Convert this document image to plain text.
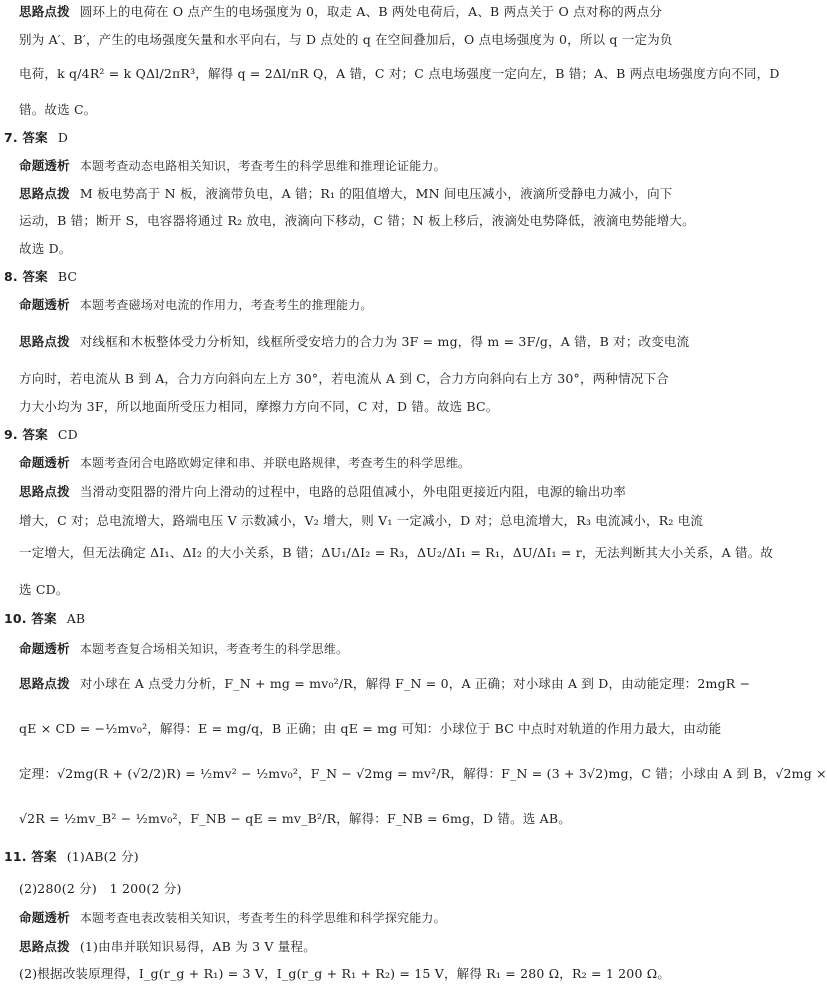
思路点拨 圆环上的电荷在 O 点产生的电场强度为 0，取走 A、B 两处电荷后，A、B 两点关于 O 点对称的两点分
别为 A′、B′，产生的电场强度矢量和水平向右，与 D 点处的 q 在空间叠加后，O 点电场强度为 0，所以 q 一定为负
电荷，k q/4R² = k QΔl/2πR³，解得 q = 2Δl/πR Q，A 错，C 对；C 点电场强度一定向左，B 错；A、B 两点电场强度方向不同，D
错。故选 C。
7. 答案 D
命题透析 本题考查动态电路相关知识，考查考生的科学思维和推理论证能力。
思路点拨 M 板电势高于 N 板，液滴带负电，A 错；R₁ 的阻值增大，MN 间电压减小，液滴所受静电力减小，向下
运动，B 错；断开 S，电容器将通过 R₂ 放电，液滴向下移动，C 错；N 板上移后，液滴处电势降低，液滴电势能增大。
故选 D。
8. 答案 BC
命题透析 本题考查磁场对电流的作用力，考查考生的推理能力。
思路点拨 对线框和木板整体受力分析知，线框所受安培力的合力为 3F = mg，得 m = 3F/g，A 错，B 对；改变电流
方向时，若电流从 B 到 A，合力方向斜向左上方 30°，若电流从 A 到 C，合力方向斜向右上方 30°，两种情况下合
力大小均为 3F，所以地面所受压力相同，摩擦力方向不同，C 对，D 错。故选 BC。
9. 答案 CD
命题透析 本题考查闭合电路欧姆定律和串、并联电路规律，考查考生的科学思维。
思路点拨 当滑动变阻器的滑片向上滑动的过程中，电路的总阻值减小，外电阻更接近内阻，电源的输出功率
增大，C 对；总电流增大，路端电压 V 示数减小，V₂ 增大，则 V₁ 一定减小，D 对；总电流增大，R₃ 电流减小，R₂ 电流
一定增大，但无法确定 ΔI₁、ΔI₂ 的大小关系，B 错；ΔU₁/ΔI₂ = R₃，ΔU₂/ΔI₁ = R₁，ΔU/ΔI₁ = r，无法判断其大小关系，A 错。故
选 CD。
10. 答案 AB
命题透析 本题考查复合场相关知识，考查考生的科学思维。
思路点拨 对小球在 A 点受力分析，F_N + mg = mv₀²/R，解得 F_N = 0，A 正确；对小球由 A 到 D，由动能定理：2mgR −
qE × CD = −½mv₀²，解得：E = mg/q，B 正确；由 qE = mg 可知：小球位于 BC 中点时对轨道的作用力最大，由动能
定理：√2mg(R + (√2/2)R) = ½mv² − ½mv₀²，F_N − √2mg = mv²/R，解得：F_N = (3 + 3√2)mg，C 错；小球由 A 到 B，√2mg ×
√2R = ½mv_B² − ½mv₀²，F_NB − qE = mv_B²/R，解得：F_NB = 6mg，D 错。选 AB。
11. 答案 (1)AB(2 分)
(2)280(2 分)　1 200(2 分)
命题透析 本题考查电表改装相关知识，考查考生的科学思维和科学探究能力。
思路点拨 (1)由串并联知识易得，AB 为 3 V 量程。
(2)根据改装原理得，I_g(r_g + R₁) = 3 V，I_g(r_g + R₁ + R₂) = 15 V，解得 R₁ = 280 Ω，R₂ = 1 200 Ω。
